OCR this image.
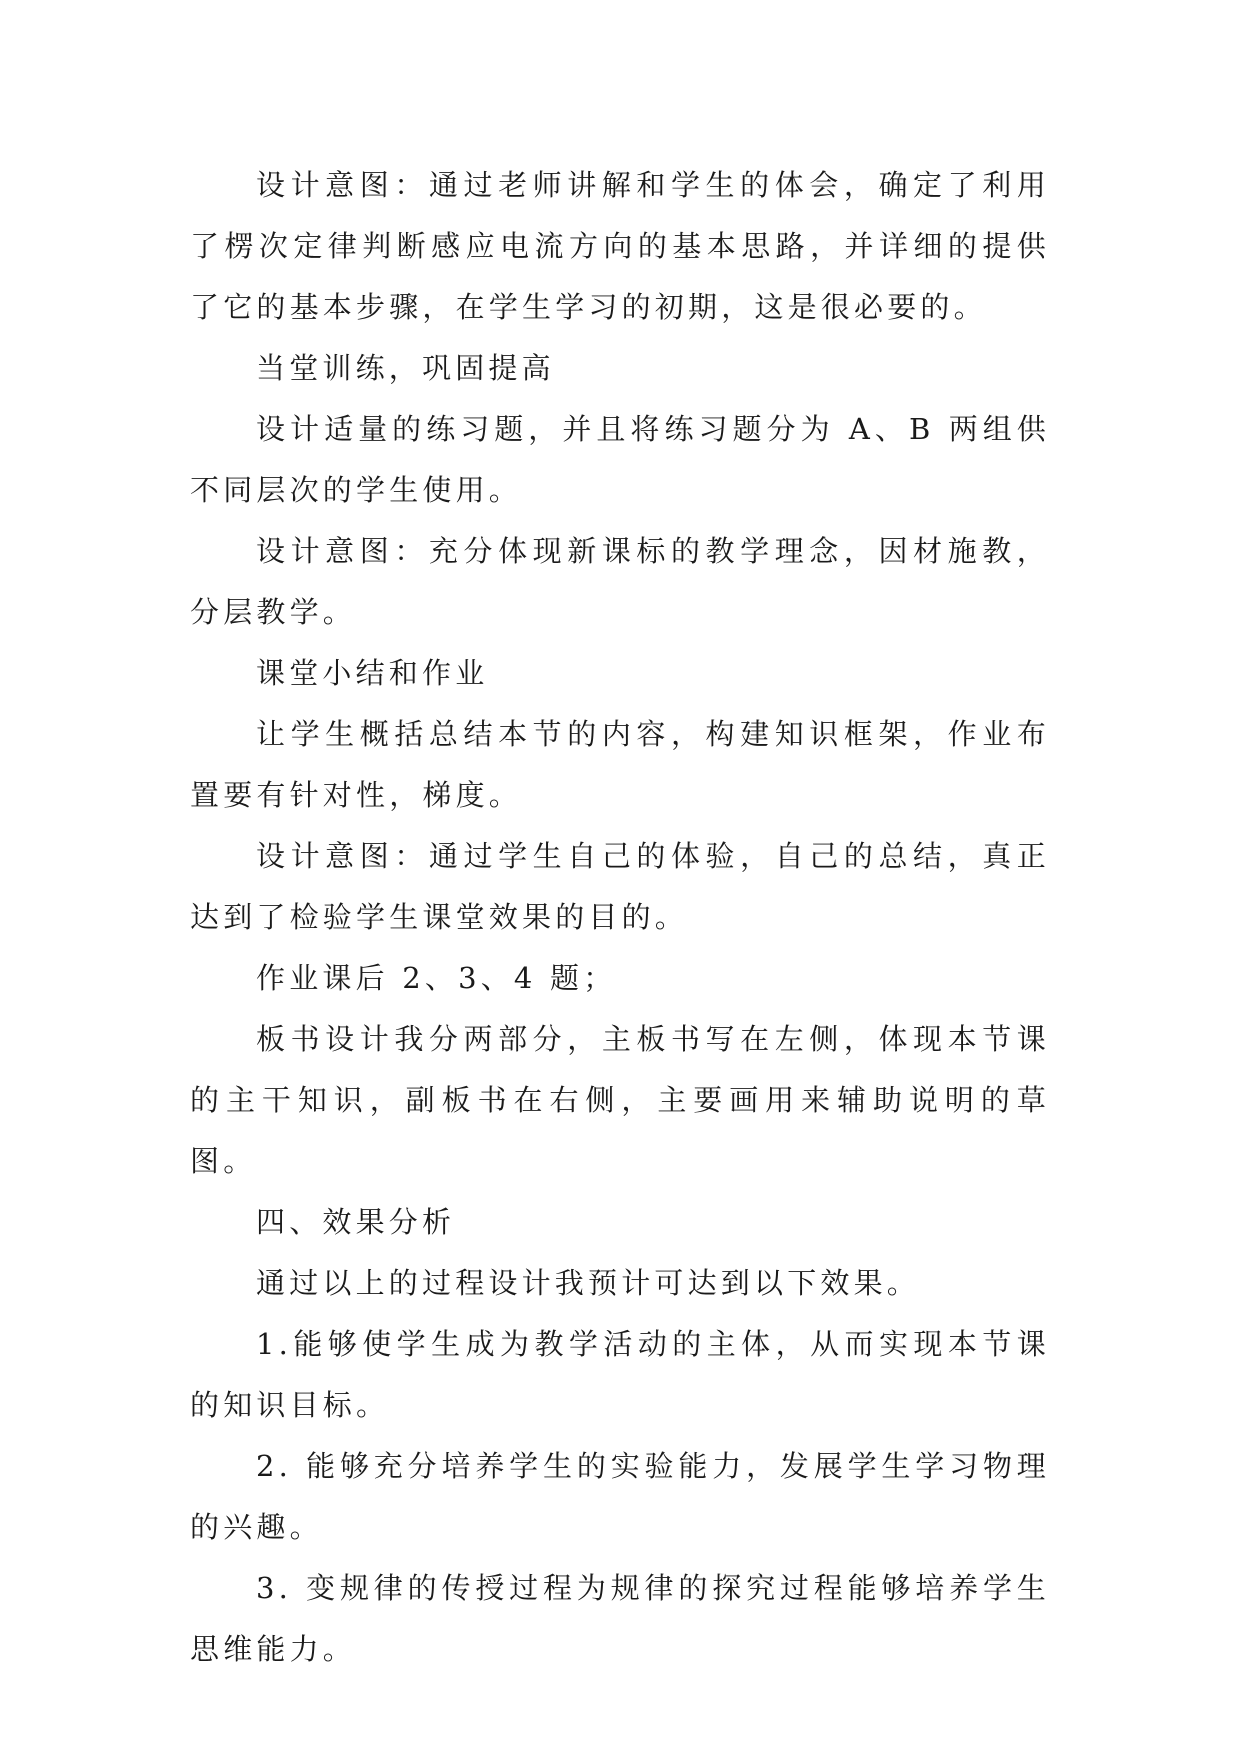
设计意图：通过老师讲解和学生的体会，确定了利用了楞次定律判断感应电流方向的基本思路，并详细的提供了它的基本步骤，在学生学习的初期，这是很必要的。

当堂训练，巩固提高

设计适量的练习题，并且将练习题分为 A、B 两组供不同层次的学生使用。

设计意图：充分体现新课标的教学理念，因材施教，分层教学。

课堂小结和作业

让学生概括总结本节的内容，构建知识框架，作业布置要有针对性，梯度。

设计意图：通过学生自己的体验，自己的总结，真正达到了检验学生课堂效果的目的。

作业课后 2、3、4 题；

板书设计我分两部分，主板书写在左侧，体现本节课的主干知识，副板书在右侧，主要画用来辅助说明的草图。

四、效果分析

通过以上的过程设计我预计可达到以下效果。

1.能够使学生成为教学活动的主体，从而实现本节课的知识目标。

2. 能够充分培养学生的实验能力，发展学生学习物理的兴趣。

3. 变规律的传授过程为规律的探究过程能够培养学生思维能力。
